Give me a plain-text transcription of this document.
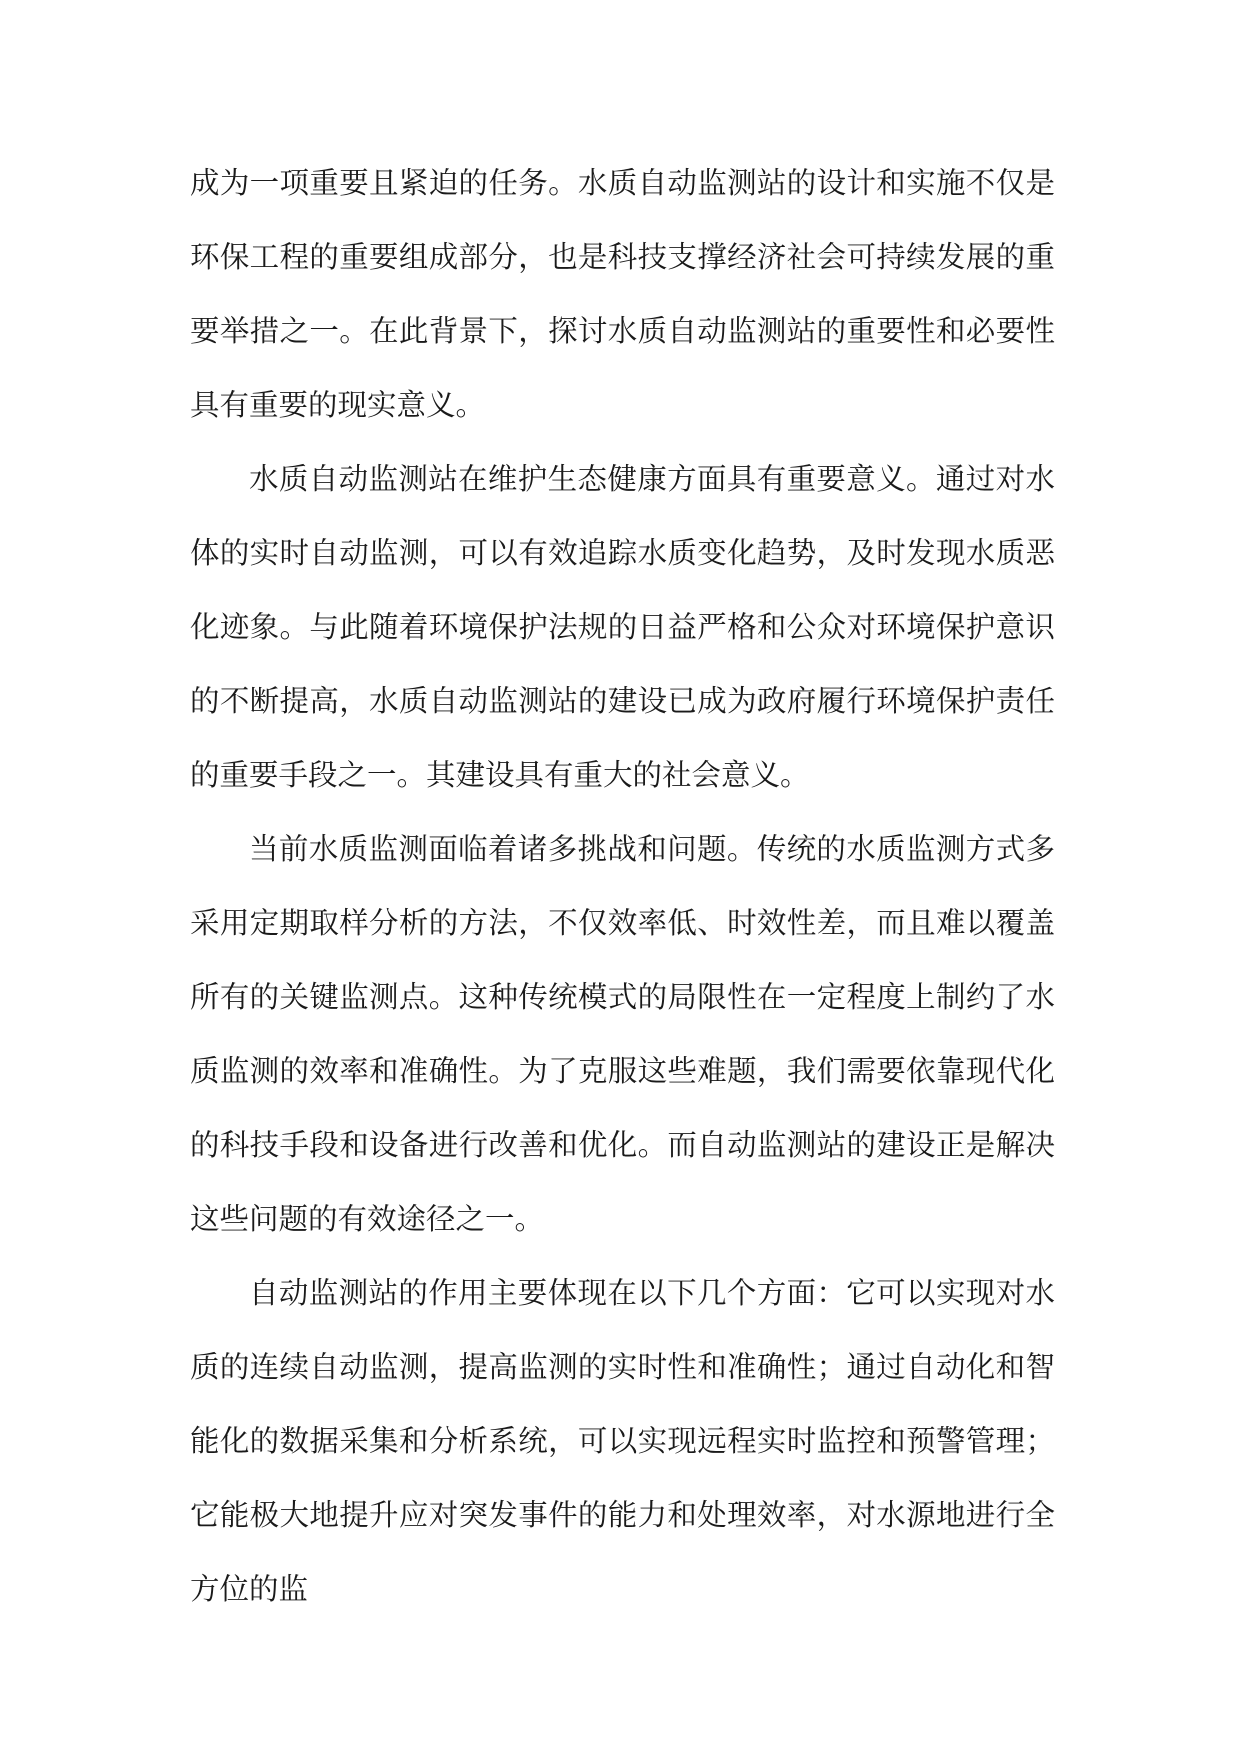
成为一项重要且紧迫的任务。水质自动监测站的设计和实施不仅是环保工程的重要组成部分，也是科技支撑经济社会可持续发展的重要举措之一。在此背景下，探讨水质自动监测站的重要性和必要性具有重要的现实意义。

水质自动监测站在维护生态健康方面具有重要意义。通过对水体的实时自动监测，可以有效追踪水质变化趋势，及时发现水质恶化迹象。与此随着环境保护法规的日益严格和公众对环境保护意识的不断提高，水质自动监测站的建设已成为政府履行环境保护责任的重要手段之一。其建设具有重大的社会意义。

当前水质监测面临着诸多挑战和问题。传统的水质监测方式多采用定期取样分析的方法，不仅效率低、时效性差，而且难以覆盖所有的关键监测点。这种传统模式的局限性在一定程度上制约了水质监测的效率和准确性。为了克服这些难题，我们需要依靠现代化的科技手段和设备进行改善和优化。而自动监测站的建设正是解决这些问题的有效途径之一。

自动监测站的作用主要体现在以下几个方面：它可以实现对水质的连续自动监测，提高监测的实时性和准确性；通过自动化和智能化的数据采集和分析系统，可以实现远程实时监控和预警管理；它能极大地提升应对突发事件的能力和处理效率，对水源地进行全方位的监
